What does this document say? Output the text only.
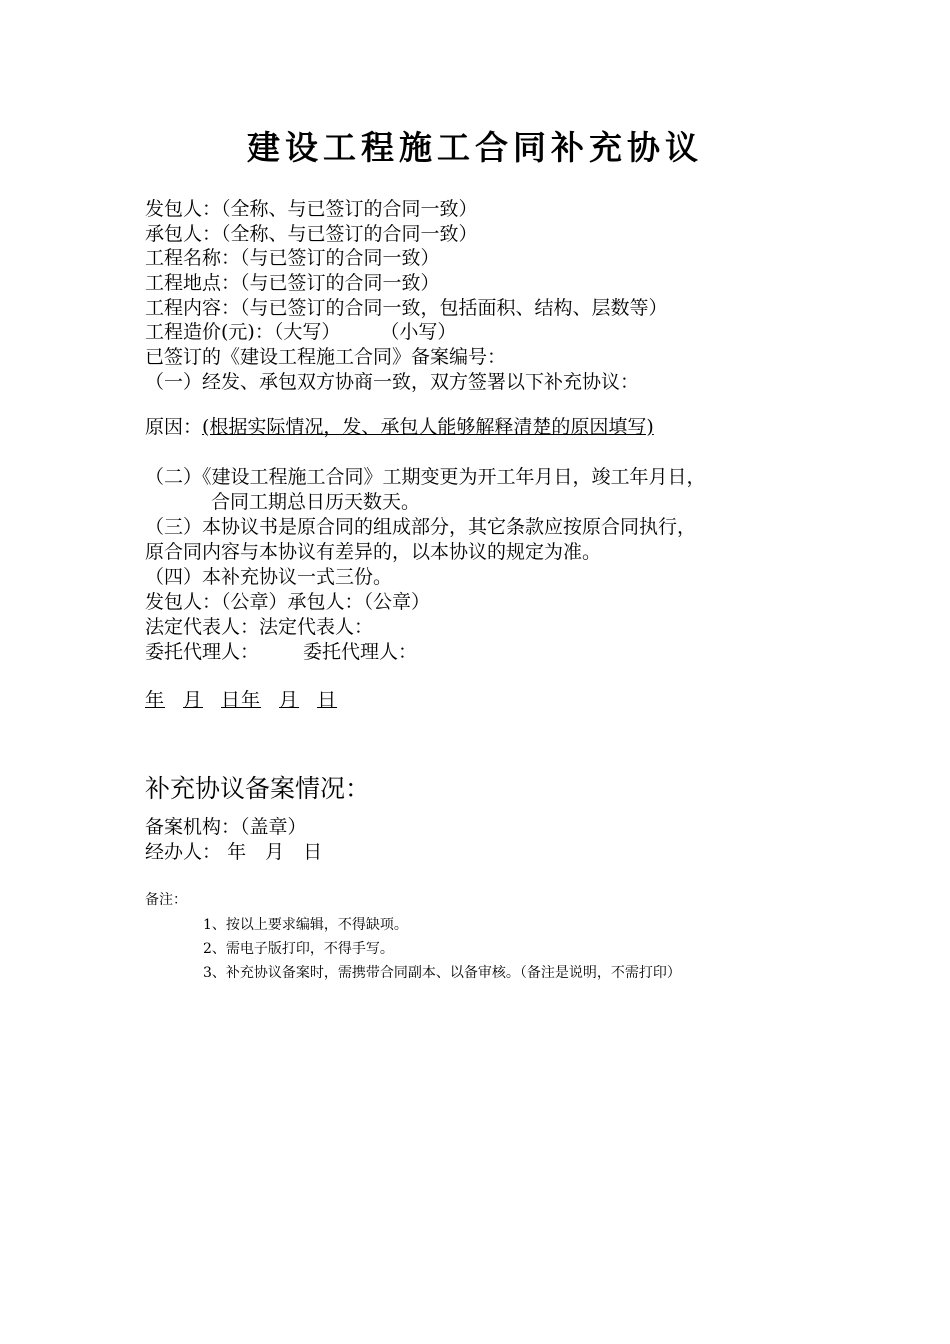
建设工程施工合同补充协议
发包人：（全称、与已签订的合同一致）
承包人：（全称、与已签订的合同一致）
工程名称：（与已签订的合同一致）
工程地点：（与已签订的合同一致）
工程内容：（与已签订的合同一致，包括面积、结构、层数等）
工程造价(元)：（大写） （小写）
已签订的《建设工程施工合同》备案编号：
（一）经发、承包双方协商一致，双方签署以下补充协议：
原因：(根据实际情况，发、承包人能够解释清楚的原因填写)
（二）《建设工程施工合同》工期变更为开工年月日，竣工年月日，
合同工期总日历天数天。
（三）本协议书是原合同的组成部分，其它条款应按原合同执行，
原合同内容与本协议有差异的，以本协议的规定为准。
（四）本补充协议一式三份。
发包人：（公章）承包人：（公章）
法定代表人：法定代表人：
委托代理人： 委托代理人：
年 月 日年 月 日
补充协议备案情况：
备案机构：（盖章）
经办人： 年　月　日
备注：
1、按以上要求编辑，不得缺项。
2、需电子版打印，不得手写。
3、补充协议备案时，需携带合同副本、以备审核。（备注是说明，不需打印）
